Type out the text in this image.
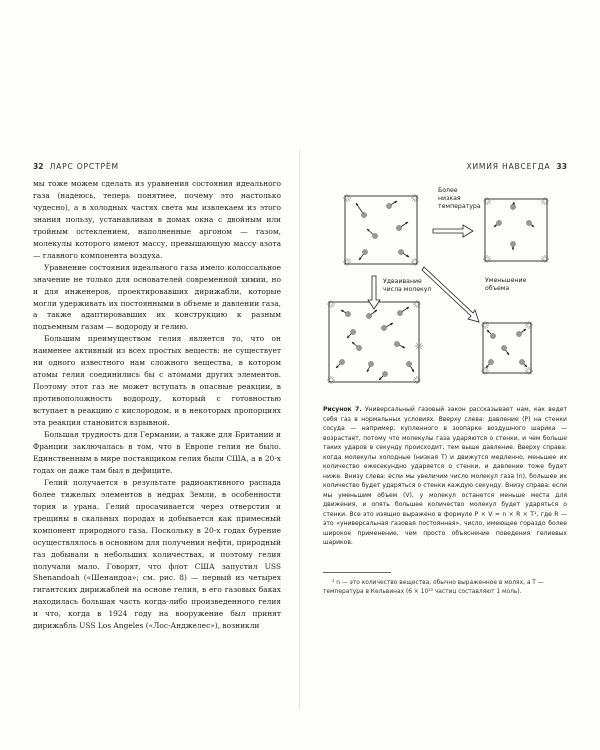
32 ЛАРС ОРСТРЁМ

мы тоже можем сделать из уравнения состояния идеального газа (надеюсь, теперь понятнее, почему это настолько чудесно), а в холодных частях света мы извлекаем из этого знания пользу, устанавливая в домах окна с двойным или тройным остеклением, наполненные аргоном — газом, молекулы которого имеют массу, превышающую массу азота — главного компонента воздуха.

Уравнение состояния идеального газа имело колоссальное значение не только для основателей современной химии, но и для инженеров, проектировавших дирижабли, которые могли удерживать их постоянными в объеме и давлении газа, а также адаптировавших их конструкцию к разным подъемным газам — водороду и гелию.

Большим преимуществом гелия является то, что он наименее активный из всех простых веществ: не существует ни одного известного нам сложного вещества, в котором атомы гелия соединились бы с атомами других элементов. Поэтому этот газ не может вступать в опасные реакции, в противоположность водороду, который с готовностью вступает в реакцию с кислородом, и в некоторых пропорциях эта реакция становится взрывной.

Большая трудность для Германии, а также для Британии и Франции заключалась в том, что в Европе гелия не было. Единственным в мире поставщиком гелия были США, а в 20-х годах он даже там был в дефиците.

Гелий получается в результате радиоактивного распада более тяжелых элементов в недрах Земли, в особенности тория и урана. Гелий просачивается через отверстия и трещины в скальных породах и добывается как примесный компонент природного газа. Поскольку в 20-х годах бурение осуществлялось в основном для получения нефти, природный газ добывали в небольших количествах, и поэтому гелия получали мало. Говорят, что флот США запустил USS Shenandoah («Шенандоа»; см. рис. 8) — первый из четырех гигантских дирижаблей на основе гелия, в его газовых баках находилась большая часть когда-либо произведенного гелия и что, когда в 1924 году на вооружение был принят дирижабль USS Los Angeles («Лос-Анджелес»), возникли

ХИМИЯ НАВСЕГДА 33
Более
низкая
температура
Удваивание
числа молекул
Уменьшение
объема
Рисунок 7. Универсальный газовый закон рассказывает нам, как ведет себя газ в нормальных условиях. Вверху слева: давление (P) на стенки сосуда — например, купленного в зоопарке воздушного шарика — возрастает, потому что молекулы газа ударяются о стенки, и чем больше таких ударов в секунду происходит, тем выше давление. Вверху справа: когда молекулы холодные (низкая T) и движутся медленно, меньшее их количество ежесекундно ударяется о стенки, и давление тоже будет ниже. Внизу слева: если мы увеличим число молекул газа (n), большее их количество будет ударяться о стенки каждую секунду. Внизу справа: если мы уменьшим объем (V), у молекул останется меньше места для движения, и опять большее количество молекул будет ударяться о стенки. Все это изящно выражено в формуле P × V = n × R × T¹, где R — это «универсальная газовая постоянная», число, имеющее гораздо более широкое применение, чем просто объяснение поведения гелиевых шариков.
¹ n — это количество вещества, обычно выраженное в молях, а T — температура в Кельвинах (6 × 10²³ частиц составляют 1 моль).
